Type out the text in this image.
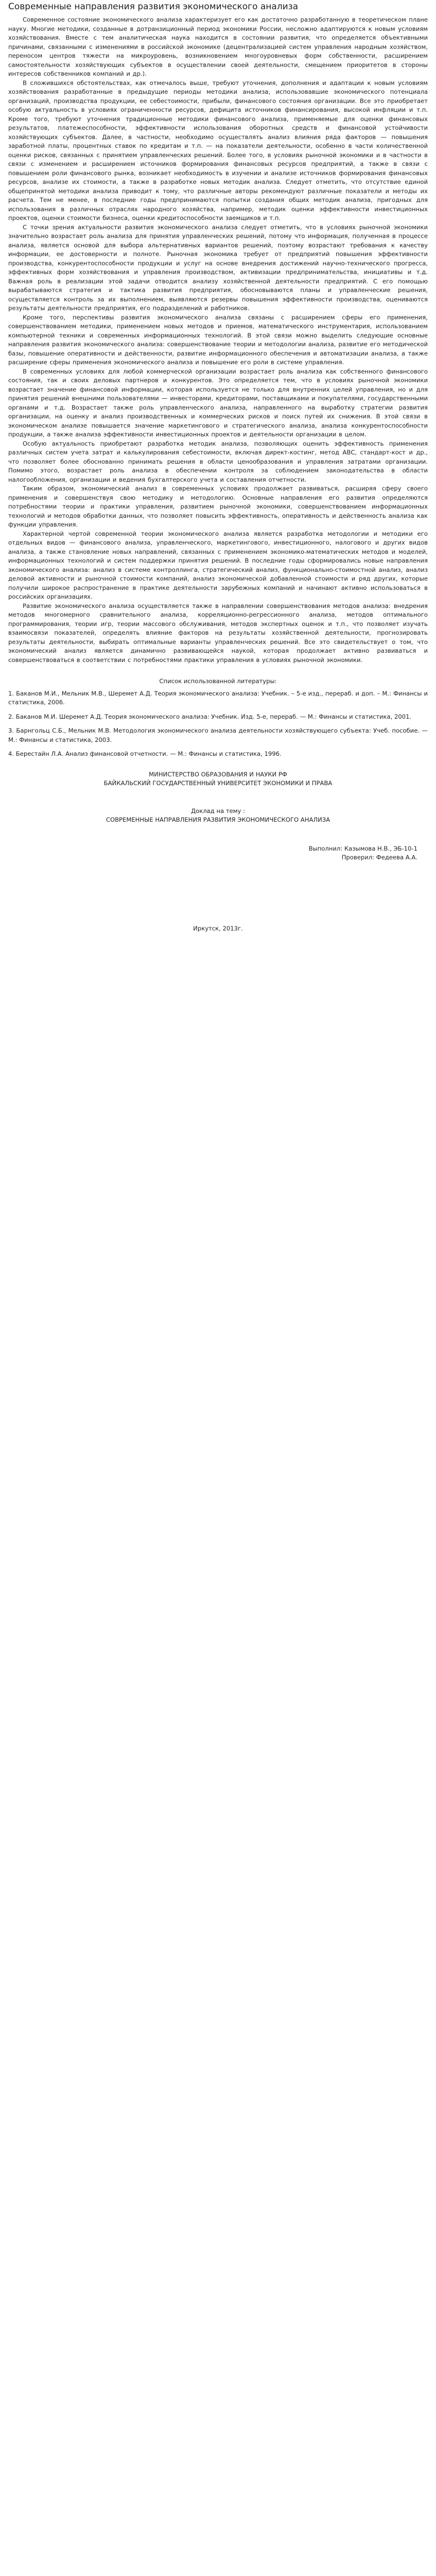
Современные направления развития экономического анализа

Современное состояние экономического анализа характеризует его как достаточно разработанную в теоретическом плане науку. Многие методики, созданные в дотранзиционный период экономики России, несложно адаптируются к новым условиям хозяйствования. Вместе с тем аналитическая наука находится в состоянии развития, что определяется объективными причинами, связанными с изменениями в российской экономике (децентрализацией систем управления народным хозяйством, переносом центров тяжести на микроуровень, возникновением многоуровневых форм собственности, расширением самостоятельности хозяйствующих субъектов в осуществлении своей деятельности, смещением приоритетов в стороны интересов собственников компаний и др.).

В сложившихся обстоятельствах, как отмечалось выше, требуют уточнения, дополнения и адаптации к новым условиям хозяйствования разработанные в предыдущие периоды методики анализа, использовавшие экономического потенциала организаций, производства продукции, ее себестоимости, прибыли, финансового состояния организации. Все это приобретает особую актуальность в условиях ограниченности ресурсов, дефицита источников финансирования, высокой инфляции и т.п. Кроме того, требуют уточнения традиционные методики финансового анализа, применяемые для оценки финансовых результатов, платежеспособности, эффективности использования оборотных средств и финансовой устойчивости хозяйствующих субъектов. Далее, в частности, необходимо осуществлять анализ влияния ряда факторов — повышения заработной платы, процентных ставок по кредитам и т.п. — на показатели деятельности, особенно в части количественной оценки рисков, связанных с принятием управленческих решений. Более того, в условиях рыночной экономики и в частности в связи с изменением и расширением источников формирования финансовых ресурсов предприятий, а также в связи с повышением роли финансового рынка, возникает необходимость в изучении и анализе источников формирования финансовых ресурсов, анализе их стоимости, а также в разработке новых методик анализа. Следует отметить, что отсутствие единой общепринятой методики анализа приводит к тому, что различные авторы рекомендуют различные показатели и методы их расчета. Тем не менее, в последние годы предпринимаются попытки создания общих методик анализа, пригодных для использования в различных отраслях народного хозяйства, например, методик оценки эффективности инвестиционных проектов, оценки стоимости бизнеса, оценки кредитоспособности заемщиков и т.п.

С точки зрения актуальности развития экономического анализа следует отметить, что в условиях рыночной экономики значительно возрастает роль анализа для принятия управленческих решений, потому что информация, полученная в процессе анализа, является основой для выбора альтернативных вариантов решений, поэтому возрастают требования к качеству информации, ее достоверности и полноте. Рыночная экономика требует от предприятий повышения эффективности производства, конкурентоспособности продукции и услуг на основе внедрения достижений научно-технического прогресса, эффективных форм хозяйствования и управления производством, активизации предпринимательства, инициативы и т.д. Важная роль в реализации этой задачи отводится анализу хозяйственной деятельности предприятий. С его помощью вырабатываются стратегия и тактика развития предприятия, обосновываются планы и управленческие решения, осуществляется контроль за их выполнением, выявляются резервы повышения эффективности производства, оцениваются результаты деятельности предприятия, его подразделений и работников.

Кроме того, перспективы развития экономического анализа связаны с расширением сферы его применения, совершенствованием методики, применением новых методов и приемов, математического инструментария, использованием компьютерной техники и современных информационных технологий. В этой связи можно выделить следующие основные направления развития экономического анализа: совершенствование теории и методологии анализа, развитие его методической базы, повышение оперативности и действенности, развитие информационного обеспечения и автоматизации анализа, а также расширение сферы применения экономического анализа и повышение его роли в системе управления.

В современных условиях для любой коммерческой организации возрастает роль анализа как собственного финансового состояния, так и своих деловых партнеров и конкурентов. Это определяется тем, что в условиях рыночной экономики возрастает значение финансовой информации, которая используется не только для внутренних целей управления, но и для принятия решений внешними пользователями — инвесторами, кредиторами, поставщиками и покупателями, государственными органами и т.д. Возрастает также роль управленческого анализа, направленного на выработку стратегии развития организации, на оценку и анализ производственных и коммерческих рисков и поиск путей их снижения. В этой связи в экономическом анализе повышается значение маркетингового и стратегического анализа, анализа конкурентоспособности продукции, а также анализа эффективности инвестиционных проектов и деятельности организации в целом.

Особую актуальность приобретают разработка методик анализа, позволяющих оценить эффективность применения различных систем учета затрат и калькулирования себестоимости, включая директ-костинг, метод АВС, стандарт-кост и др., что позволяет более обоснованно принимать решения в области ценообразования и управления затратами организации. Помимо этого, возрастает роль анализа в обеспечении контроля за соблюдением законодательства в области налогообложения, организации и ведения бухгалтерского учета и составления отчетности.

Таким образом, экономический анализ в современных условиях продолжает развиваться, расширяя сферу своего применения и совершенствуя свою методику и методологию. Основные направления его развития определяются потребностями теории и практики управления, развитием рыночной экономики, совершенствованием информационных технологий и методов обработки данных, что позволяет повысить эффективность, оперативность и действенность анализа как функции управления.

Характерной чертой современной теории экономического анализа является разработка методологии и методики его отдельных видов — финансового анализа, управленческого, маркетингового, инвестиционного, налогового и других видов анализа, а также становление новых направлений, связанных с применением экономико-математических методов и моделей, информационных технологий и систем поддержки принятия решений. В последние годы сформировались новые направления экономического анализа: анализ в системе контроллинга, стратегический анализ, функционально-стоимостной анализ, анализ деловой активности и рыночной стоимости компаний, анализ экономической добавленной стоимости и ряд других, которые получили широкое распространение в практике деятельности зарубежных компаний и начинают активно использоваться в российских организациях.

Развитие экономического анализа осуществляется также в направлении совершенствования методов анализа: внедрения методов многомерного сравнительного анализа, корреляционно-регрессионного анализа, методов оптимального программирования, теории игр, теории массового обслуживания, методов экспертных оценок и т.п., что позволяет изучать взаимосвязи показателей, определять влияние факторов на результаты хозяйственной деятельности, прогнозировать результаты деятельности, выбирать оптимальные варианты управленческих решений. Все это свидетельствует о том, что экономический анализ является динамично развивающейся наукой, которая продолжает активно развиваться и совершенствоваться в соответствии с потребностями практики управления в условиях рыночной экономики.

Список использованной литературы:

1. Баканов М.И., Мельник М.В., Шеремет А.Д. Теория экономического анализа: Учебник. – 5-е изд., перераб. и доп. – М.: Финансы и статистика, 2006.

2. Баканов М.И. Шеремет А.Д. Теория экономического анализа: Учебник. Изд. 5-е, перераб. — М.: Финансы и статистика, 2001.

3. Барнгольц С.Б., Мельник М.В. Методология экономического анализа деятельности хозяйствующего субъекта: Учеб. пособие. — М.: Финансы и статистика, 2003.

4. Берестайн Л.А. Анализ финансовой отчетности. — М.: Финансы и статистика, 1996.

МИНИСТЕРСТВО ОБРАЗОВАНИЯ И НАУКИ РФ

БАЙКАЛЬСКИЙ ГОСУДАРСТВЕННЫЙ УНИВЕРСИТЕТ ЭКОНОМИКИ И ПРАВА

Доклад на тему :

СОВРЕМЕННЫЕ НАПРАВЛЕНИЯ РАЗВИТИЯ ЭКОНОМИЧЕСКОГО АНАЛИЗА

Выполнил: Казымова Н.В., ЭБ-10-1

Проверил: Федеева А.А.

Иркутск, 2013г.
